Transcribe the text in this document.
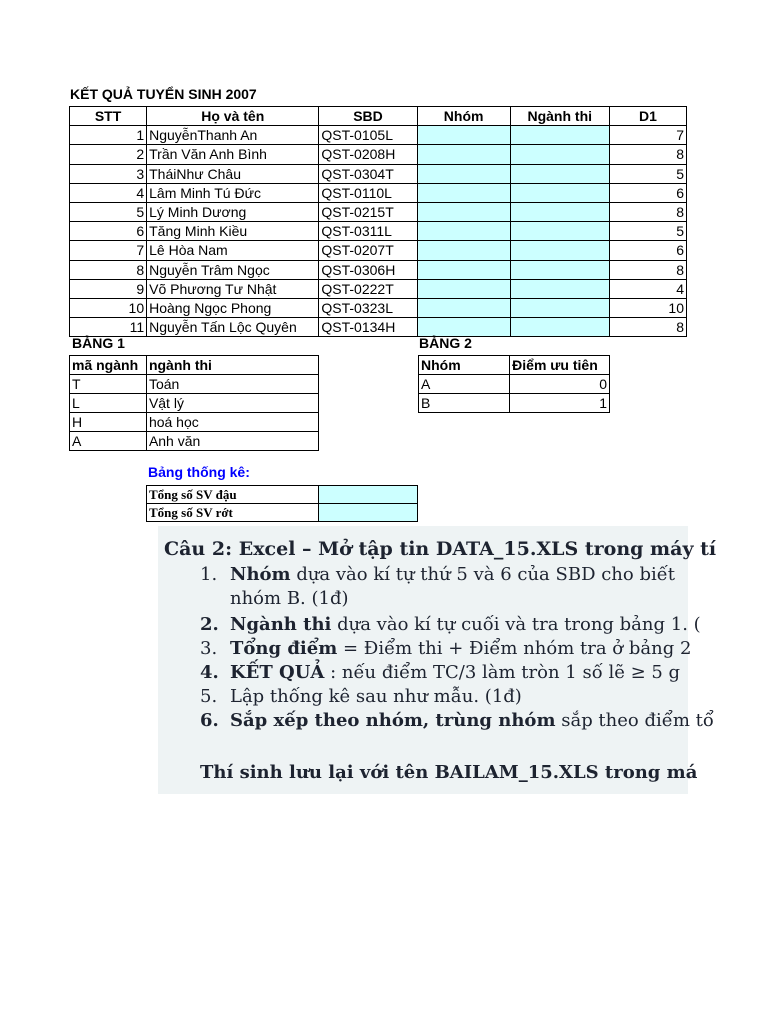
KẾT QUẢ TUYỂN SINH 2007
STT	Họ và tên	SBD	Nhóm	Ngành thi	D1
1	NguyễnThanh An	QST-0105L			7
2	Trần Văn Anh Bình	QST-0208H			8
3	TháiNhư Châu	QST-0304T			5
4	Lâm Minh Tú Đức	QST-0110L			6
5	Lý Minh Dương	QST-0215T			8
6	Tăng Minh Kiều	QST-0311L			5
7	Lê Hòa Nam	QST-0207T			6
8	Nguyễn Trâm Ngọc	QST-0306H			8
9	Võ Phương Tư Nhật	QST-0222T			4
10	Hoàng Ngọc Phong	QST-0323L			10
11	Nguyễn Tấn Lộc Quyên	QST-0134H			8
BẢNG 1	BẢNG 2
mã ngành	ngành thi
T	Toán
L	Vật lý
H	hoá học
A	Anh văn
Nhóm	Điểm ưu tiên
A	0
B	1
Bảng thống kê:
Tổng số SV đậu	
Tổng số SV rớt	
Câu 2: Excel – Mở tập tin DATA_15.XLS trong máy tí
1. Nhóm dựa vào kí tự thứ 5 và 6 của SBD cho biết
nhóm B. (1đ)
2. Ngành thi dựa vào kí tự cuối và tra trong bảng 1. (
3. Tổng điểm = Điểm thi + Điểm nhóm tra ở bảng 2
4. KẾT QUẢ : nếu điểm TC/3 làm tròn 1 số lẽ ≥ 5 g
5. Lập thống kê sau như mẫu. (1đ)
6. Sắp xếp theo nhóm, trùng nhóm sắp theo điểm tổ
Thí sinh lưu lại với tên BAILAM_15.XLS trong má
